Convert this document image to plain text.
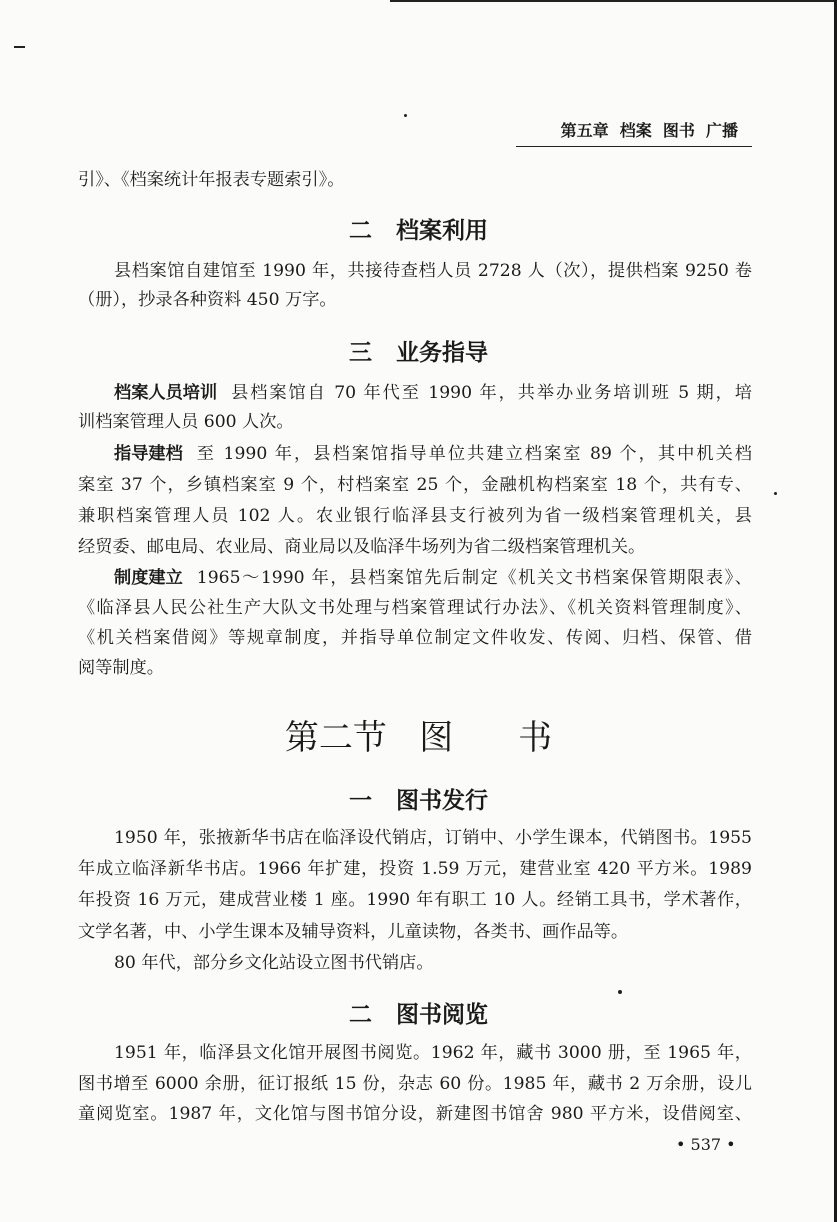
第五章  档案  图书  广播
引》、《档案统计年报表专题索引》。
二   档案利用
县档案馆自建馆至 1990 年，共接待查档人员 2728 人（次），提供档案 9250 卷
（册），抄录各种资料 450 万字。
三   业务指导
档案人员培训 县档案馆自 70 年代至 1990 年，共举办业务培训班 5 期，培
训档案管理人员 600 人次。
指导建档 至 1990 年，县档案馆指导单位共建立档案室 89 个，其中机关档
案室 37 个，乡镇档案室 9 个，村档案室 25 个，金融机构档案室 18 个，共有专、
兼职档案管理人员 102 人。农业银行临泽县支行被列为省一级档案管理机关，县
经贸委、邮电局、农业局、商业局以及临泽牛场列为省二级档案管理机关。
制度建立 1965～1990 年，县档案馆先后制定《机关文书档案保管期限表》、
《临泽县人民公社生产大队文书处理与档案管理试行办法》、《机关资料管理制度》、
《机关档案借阅》等规章制度，并指导单位制定文件收发、传阅、归档、保管、借
阅等制度。
第二节   图      书
一   图书发行
1950 年，张掖新华书店在临泽设代销店，订销中、小学生课本，代销图书。1955
年成立临泽新华书店。1966 年扩建，投资 1.59 万元，建营业室 420 平方米。1989
年投资 16 万元，建成营业楼 1 座。1990 年有职工 10 人。经销工具书，学术著作，
文学名著，中、小学生课本及辅导资料，儿童读物，各类书、画作品等。
80 年代，部分乡文化站设立图书代销店。
二   图书阅览
1951 年，临泽县文化馆开展图书阅览。1962 年，藏书 3000 册，至 1965 年，
图书增至 6000 余册，征订报纸 15 份，杂志 60 份。1985 年，藏书 2 万余册，设儿
童阅览室。1987 年，文化馆与图书馆分设，新建图书馆舍 980 平方米，设借阅室、
• 537 •
